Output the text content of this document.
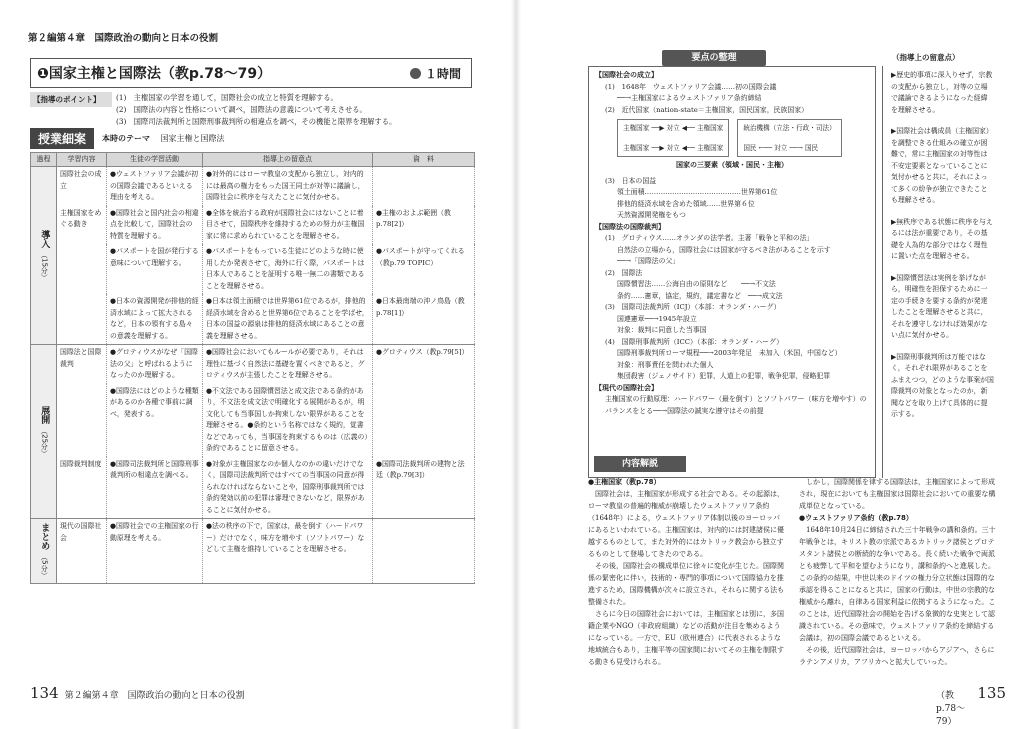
第２編第４章　国際政治の動向と日本の役割
❶国家主権と国際法（教p.78〜79）	１時間
【指導のポイント】	(1)　主権国家の学習を通して，国際社会の成立と特質を理解する。
(2)　国際法の内容と性格について調べ，国際法の意義について考えさせる。
(3)　国際司法裁判所と国際刑事裁判所の相違点を調べ，その機能と限界を理解する。
授業細案	本時のテーマ 国家主権と国際法
過程	学習内容	生徒の学習活動	指導上の留意点	資　料
導入 （15分）	国際社会の成立	●ウェストファリア会議が初の国際会議であるといえる理由を考える。	●対外的にはローマ教皇の支配から独立し，対内的には最高の権力をもった国王同士が対等に議論し，国際社会に秩序を与えたことに気付かせる。	
	主権国家をめぐる動き	●国際社会と国内社会の相違点を比較して，国際社会の特質を理解する。	●全体を統治する政府が国際社会にはないことに着目させて，国際秩序を維持するための努力が主権国家に常に求められていることを理解させる。	●主権のおよぶ範囲（教p.78[2]）
		●パスポートを国が発行する意味について理解する。	●パスポートをもっている生徒にどのような時に使用したか発表させて，海外に行く際，パスポートは日本人であることを証明する唯一無二の書類であることを理解させる。	●パスポートが守ってくれる（教p.79 TOPIC）
		●日本の資源開発が排他的経済水域によって拡大されるなど，日本の領有する島々の意義を理解する。	●日本は領土面積では世界第61位であるが，排他的経済水域を含めると世界第6位であることを学ばせ，日本の国益の源泉は排他的経済水域にあることの意義を理解させる。	●日本最南端の沖ノ鳥島（教p.78[1]）
展開 （25分）	国際法と国際裁判	●グロティウスがなぜ「国際法の父」と呼ばれるようになったのか理解する。	●国際社会においてもルールが必要であり，それは理性に基づく自然法に基礎を置くべきであると，グロティウスが主張したことを理解させる。	●グロティウス（教p.79[5]）
		●国際法にはどのような種類があるのか各種で事前に調べ，発表する。	●不文法である国際慣習法と成文法である条約があり，不文法を成文法で明確化する展開があるが，明文化しても当事国しか拘束しない限界があることを理解させる。●条約という名称ではなく規約，覚書などであっても，当事国を拘束するものは（広義の）条約であることに留意させる。	
	国際裁判制度	●国際司法裁判所と国際刑事裁判所の相違点を調べる。	●対象が主権国家なのか個人なのかの違いだけでなく，国際司法裁判所ではすべての当事国の同意が得られなければならないことや，国際刑事裁判所では条約発効以前の犯罪は審理できないなど，限界があることに気付かせる。	●国際司法裁判所の建物と法廷（教p.79[3]）
まとめ （5分）	現代の国際社会	●国際社会での主権国家の行動原理を考える。	●法の秩序の下で，国家は，最を倒す（ハードパワー）だけでなく，味方を増やす（ソフトパワー）などして主権を維持していることを理解させる。	
134 第２編第４章　国際政治の動向と日本の役割
要点の整理	（指導上の留意点）
【国際社会の成立】
(1)　1648年　ウェストファリア会議……初の国際会議
──→主権国家によるウェストファリア条約締結
(2)　近代国家（nation-state＝主権国家，国民国家，民族国家）
主権国家 ──▶ 対立 ◀── 主権国家
主権国家 ──▶ 対立 ◀── 主権国家
統治機構（立法・行政・司法）
国民 ←── 対立 ──→ 国民
国家の三要素（領域・国民・主権）
(3)　日本の国益
領土面積……………………………………世界第61位
排他的経済水域を含めた領域……世界第６位
天然資源開発権をもつ
【国際法の国際裁判】
(1)　グロティウス……オランダの法学者。主著「戦争と平和の法」
自然法の立場から，国際社会には国家が守るべき法があることを示す
──→「国際法の父」
(2)　国際法
国際慣習法……公海自由の原則など　　──→不文法
条約……憲章，協定，規約，議定書など　──→成文法
(3)　国際司法裁判所（ICJ）（本部：オランダ・ハーグ）
国連憲章──→1945年設立
対象：裁判に同意した当事国
(4)　国際刑事裁判所（ICC）（本部：オランダ・ハーグ）
国際刑事裁判所ローマ規程──→2003年発足　未加入（米国，中国など）
対象：刑事責任を問われた個人
集団殺害（ジェノサイド）犯罪，人道上の犯罪，戦争犯罪，侵略犯罪
【現代の国際社会】
主権国家の行動原理：ハードパワー（最を倒す）とソフトパワー（味方を増やす）のバランスをとる──→国際法の誠実な遵守はその前提

▶歴史的事項に深入りせず，宗教の支配から独立し，対等の立場で議論できるようになった経緯を理解させる。

▶国際社会は構成員（主権国家）を調整できる仕組みの確立が困難で，常に主権国家の対等性は不安定要素となっていることに気付かせると共に，それによって多くの紛争が独立できたことも理解させる。

▶無秩序である状態に秩序を与えるには法が重要であり，その基礎を人為的な部分ではなく理性に置いた点を理解させる。

▶国際慣習法は実例を挙げながら，明確性を担保するために一定の手続きを要する条約が発達したことを理解させると共に，それを遵守しなければ効果がない点に気付かせる。

▶国際刑事裁判所は万能ではなく，それぞれ限界があることをふまえつつ，どのような事案が国際裁判の対象となったのか，新聞などを取り上げて具体的に提示する。

内容解説
●主権国家（教p.78）

国際社会は，主権国家が形成する社会である。その起源は，ローマ教皇の普遍的権威が崩壊したウェストファリア条約（1648年）による，ウェストファリア体制以後のヨーロッパにあるといわれている。主権国家は，対内的には封建諸侯に優越するものとして，また対外的にはカトリック教会から独立するものとして登場してきたのである。

その後，国際社会の構成単位に徐々に変化が生じた。国際関係の緊密化に伴い，技術的・専門的事項について国際協力を推進するため，国際機構が次々に設立され，それらに関する法も整備された。

さらに今日の国際社会においては，主権国家とは別に，多国籍企業やNGO（非政府組織）などの活動が注目を集めるようになっている。一方で，EU（欧州連合）に代表されるような地域統合もあり，主権平等の国家間においてその主権を制限する動きも見受けられる。

しかし，国際関係を律する国際法は，主権国家によって形成され，現在においても主権国家は国際社会においての重要な構成単位となっている。

●ウェストファリア条約（教p.78）

1648年10月24日に締結された三十年戦争の講和条約。三十年戦争とは，キリスト教の宗派であるカトリック諸侯とプロテスタント諸侯との断続的な争いである。長く続いた戦争で両派とも疲弊して平和を望むようになり，講和条約へと進展した。この条約の結果，中世以来のドイツの権力分立状態は国際的な承認を得ることになると共に，国家の行動は，中世の宗教的な権威から離れ，自律ある国家利益に依拠するようになった。このことは，近代国際社会の開始を告げる象徴的な史実として認識されている。その意味で，ウェストファリア条約を締結する会議は，初の国際会議であるといえる。

その後，近代国際社会は，ヨーロッパからアジアへ，さらにラテンアメリカ，アフリカへと拡大していった。

（教p.78〜79）
135
